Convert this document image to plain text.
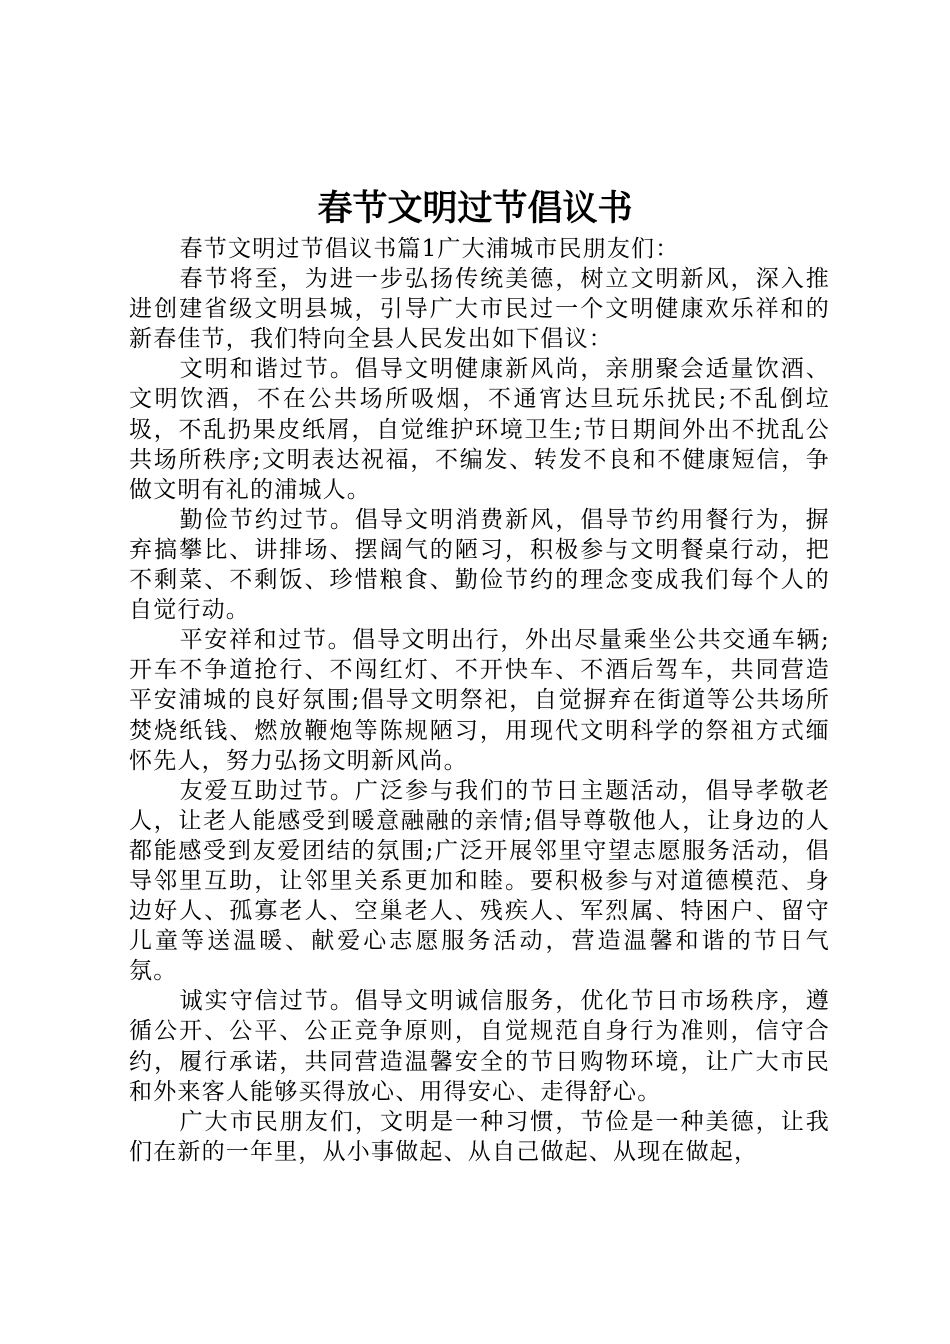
春节文明过节倡议书

春节文明过节倡议书篇1广大浦城市民朋友们：

春节将至，为进一步弘扬传统美德，树立文明新风，深入推进创建省级文明县城，引导广大市民过一个文明健康欢乐祥和的新春佳节，我们特向全县人民发出如下倡议：

文明和谐过节。倡导文明健康新风尚，亲朋聚会适量饮酒、文明饮酒，不在公共场所吸烟，不通宵达旦玩乐扰民;不乱倒垃圾，不乱扔果皮纸屑，自觉维护环境卫生;节日期间外出不扰乱公共场所秩序;文明表达祝福，不编发、转发不良和不健康短信，争做文明有礼的浦城人。

勤俭节约过节。倡导文明消费新风，倡导节约用餐行为，摒弃搞攀比、讲排场、摆阔气的陋习，积极参与文明餐桌行动，把不剩菜、不剩饭、珍惜粮食、勤俭节约的理念变成我们每个人的自觉行动。

平安祥和过节。倡导文明出行，外出尽量乘坐公共交通车辆;开车不争道抢行、不闯红灯、不开快车、不酒后驾车，共同营造平安浦城的良好氛围;倡导文明祭祀，自觉摒弃在街道等公共场所焚烧纸钱、燃放鞭炮等陈规陋习，用现代文明科学的祭祖方式缅怀先人，努力弘扬文明新风尚。

友爱互助过节。广泛参与我们的节日主题活动，倡导孝敬老人，让老人能感受到暖意融融的亲情;倡导尊敬他人，让身边的人都能感受到友爱团结的氛围;广泛开展邻里守望志愿服务活动，倡导邻里互助，让邻里关系更加和睦。要积极参与对道德模范、身边好人、孤寡老人、空巢老人、残疾人、军烈属、特困户、留守儿童等送温暖、献爱心志愿服务活动，营造温馨和谐的节日气氛。

诚实守信过节。倡导文明诚信服务，优化节日市场秩序，遵循公开、公平、公正竞争原则，自觉规范自身行为准则，信守合约，履行承诺，共同营造温馨安全的节日购物环境，让广大市民和外来客人能够买得放心、用得安心、走得舒心。

广大市民朋友们，文明是一种习惯，节俭是一种美德，让我们在新的一年里，从小事做起、从自己做起、从现在做起，
